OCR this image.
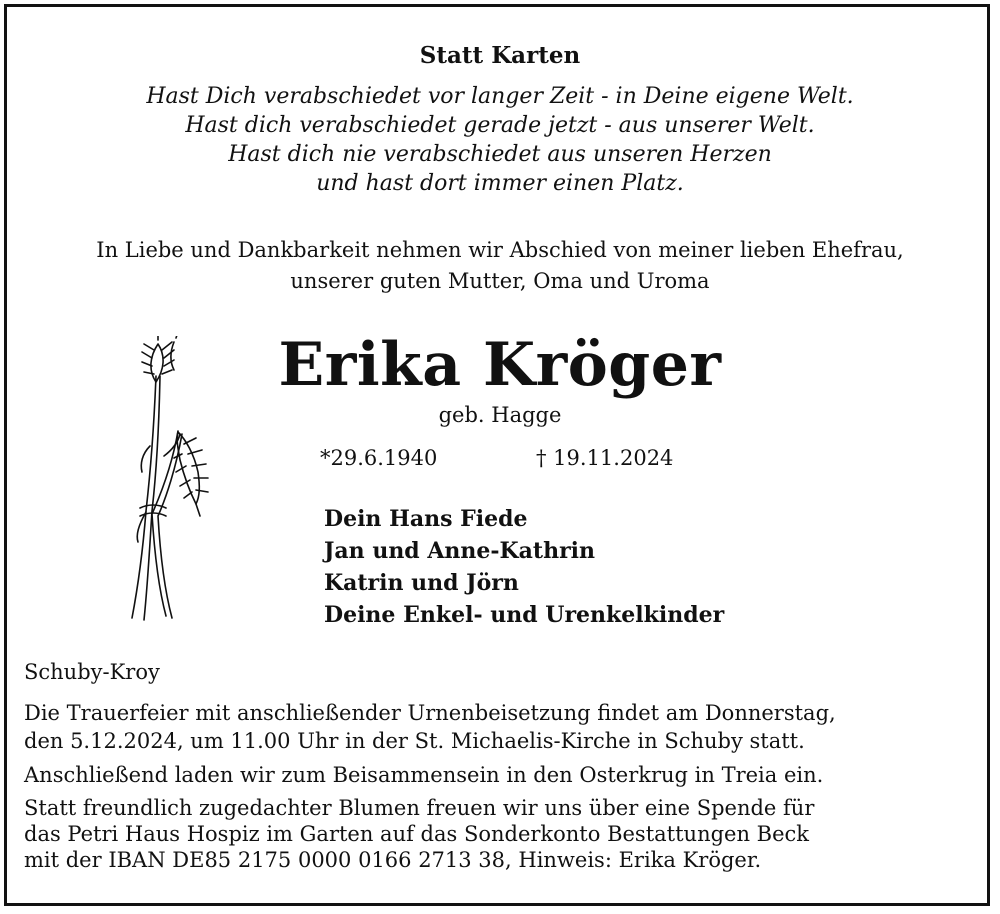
Statt Karten
Hast Dich verabschiedet vor langer Zeit - in Deine eigene Welt.
Hast dich verabschiedet gerade jetzt - aus unserer Welt.
Hast dich nie verabschiedet aus unseren Herzen
und hast dort immer einen Platz.
In Liebe und Dankbarkeit nehmen wir Abschied von meiner lieben Ehefrau,
unserer guten Mutter, Oma und Uroma
Erika Kröger
geb. Hagge
*29.6.1940	† 19.11.2024
Dein Hans Fiede
Jan und Anne-Kathrin
Katrin und Jörn
Deine Enkel- und Urenkelkinder
Schuby-Kroy

Die Trauerfeier mit anschließender Urnenbeisetzung findet am Donnerstag,
den 5.12.2024, um 11.00 Uhr in der St. Michaelis-Kirche in Schuby statt.

Anschließend laden wir zum Beisammensein in den Osterkrug in Treia ein.

Statt freundlich zugedachter Blumen freuen wir uns über eine Spende für
das Petri Haus Hospiz im Garten auf das Sonderkonto Bestattungen Beck
mit der IBAN DE85 2175 0000 0166 2713 38, Hinweis: Erika Kröger.
